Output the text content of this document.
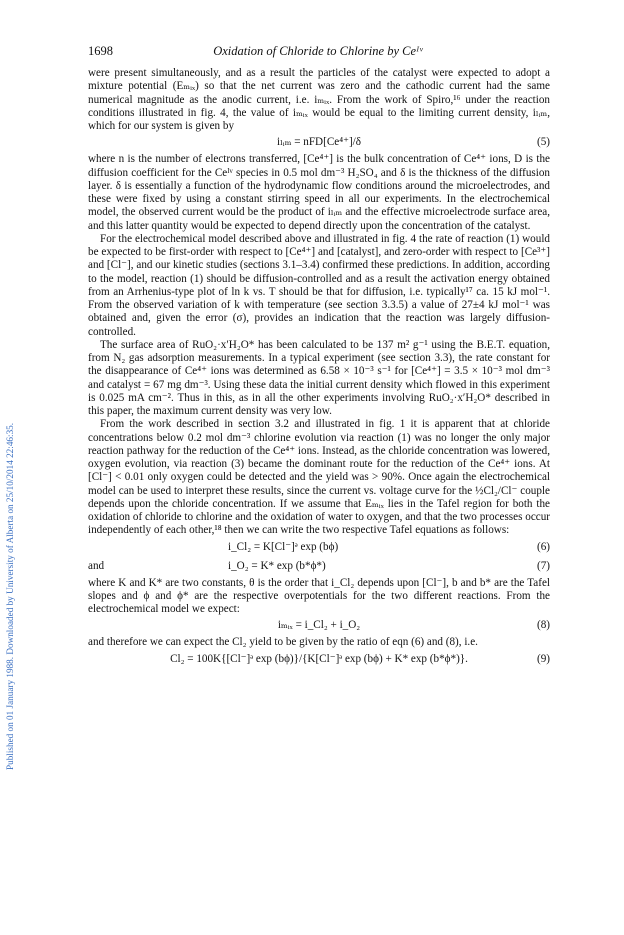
1698	Oxidation of Chloride to Chlorine by Ceᴵᵛ
Published on 01 January 1988. Downloaded by University of Alberta on 25/10/2014 22:46:35.

were present simultaneously, and as a result the particles of the catalyst were expected to adopt a mixture potential (Eₘᵢₓ) so that the net current was zero and the cathodic current had the same numerical magnitude as the anodic current, i.e. iₘᵢₓ. From the work of Spiro,¹⁶ under the reaction conditions illustrated in fig. 4, the value of iₘᵢₓ would be equal to the limiting current density, iₗᵢₘ, which for our system is given by

iₗᵢₘ = nFD[Ce⁴⁺]/δ	(5)

where n is the number of electrons transferred, [Ce⁴⁺] is the bulk concentration of Ce⁴⁺ ions, D is the diffusion coefficient for the Ceᴵᵛ species in 0.5 mol dm⁻³ H₂SO₄ and δ is the thickness of the diffusion layer. δ is essentially a function of the hydrodynamic flow conditions around the microelectrodes, and these were fixed by using a constant stirring speed in all our experiments. In the electrochemical model, the observed current would be the product of iₗᵢₘ and the effective microelectrode surface area, and this latter quantity would be expected to depend directly upon the concentration of the catalyst.

For the electrochemical model described above and illustrated in fig. 4 the rate of reaction (1) would be expected to be first-order with respect to [Ce⁴⁺] and [catalyst], and zero-order with respect to [Ce³⁺] and [Cl⁻], and our kinetic studies (sections 3.1–3.4) confirmed these predictions. In addition, according to the model, reaction (1) should be diffusion-controlled and as a result the activation energy obtained from an Arrhenius-type plot of ln k vs. T should be that for diffusion, i.e. typically¹⁷ ca. 15 kJ mol⁻¹. From the observed variation of k with temperature (see section 3.3.5) a value of 27±4 kJ mol⁻¹ was obtained and, given the error (σ), provides an indication that the reaction was largely diffusion-controlled.

The surface area of RuO₂·x′H₂O* has been calculated to be 137 m² g⁻¹ using the B.E.T. equation, from N₂ gas adsorption measurements. In a typical experiment (see section 3.3), the rate constant for the disappearance of Ce⁴⁺ ions was determined as 6.58 × 10⁻³ s⁻¹ for [Ce⁴⁺] = 3.5 × 10⁻³ mol dm⁻³ and catalyst = 67 mg dm⁻³. Using these data the initial current density which flowed in this experiment is 0.025 mA cm⁻². Thus in this, as in all the other experiments involving RuO₂·x′H₂O* described in this paper, the maximum current density was very low.

From the work described in section 3.2 and illustrated in fig. 1 it is apparent that at chloride concentrations below 0.2 mol dm⁻³ chlorine evolution via reaction (1) was no longer the only major reaction pathway for the reduction of the Ce⁴⁺ ions. Instead, as the chloride concentration was lowered, oxygen evolution, via reaction (3) became the dominant route for the reduction of the Ce⁴⁺ ions. At [Cl⁻] < 0.01 only oxygen could be detected and the yield was > 90%. Once again the electrochemical model can be used to interpret these results, since the current vs. voltage curve for the ½Cl₂/Cl⁻ couple depends upon the chloride concentration. If we assume that Eₘᵢₓ lies in the Tafel region for both the oxidation of chloride to chlorine and the oxidation of water to oxygen, and that the two processes occur independently of each other,¹⁸ then we can write the two respective Tafel equations as follows:

i_Cl₂ = K[Cl⁻]ᵊ exp (bϕ)	(6)
and	i_O₂ = K* exp (b*ϕ*)	(7)

where K and K* are two constants, θ is the order that i_Cl₂ depends upon [Cl⁻], b and b* are the Tafel slopes and ϕ and ϕ* are the respective overpotentials for the two different reactions. From the electrochemical model we expect:

iₘᵢₓ = i_Cl₂ + i_O₂	(8)

and therefore we can expect the Cl₂ yield to be given by the ratio of eqn (6) and (8), i.e.

Cl₂ = 100K{[Cl⁻]ᵊ exp (bϕ)}/{K[Cl⁻]ᵊ exp (bϕ) + K* exp (b*ϕ*)}.	(9)
